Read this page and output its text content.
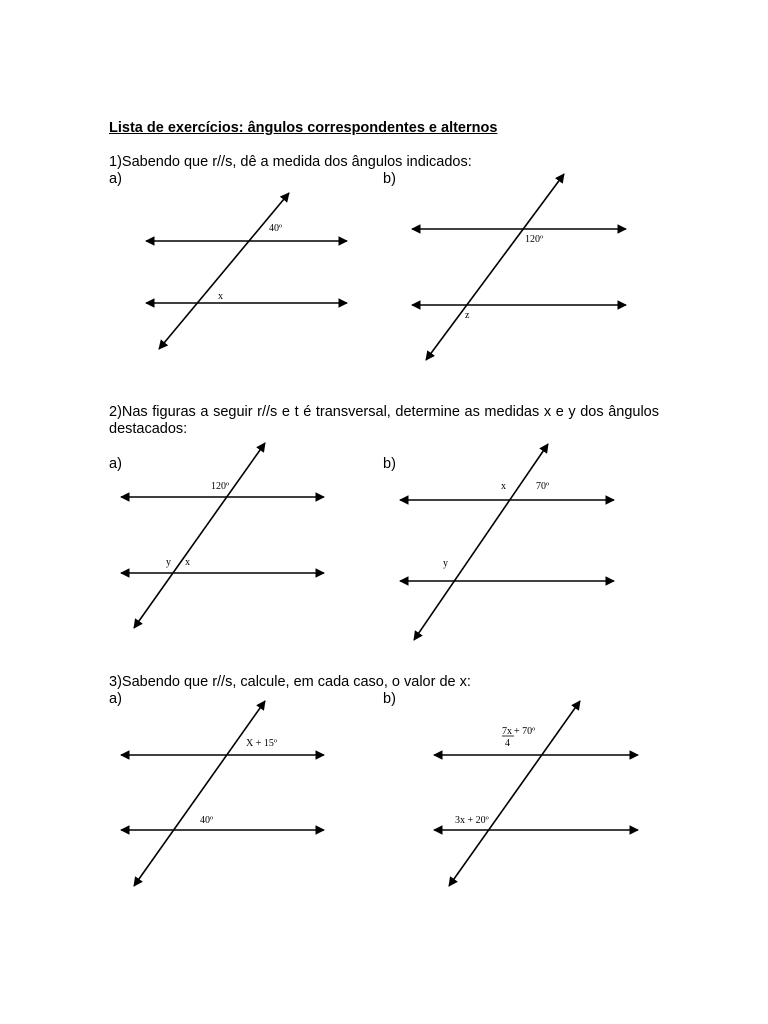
Lista de exercícios: ângulos correspondentes e alternos
1)Sabendo que r//s, dê a medida dos ângulos indicados:
a)	b)
2)Nas figuras a seguir r//s e t é transversal, determine as medidas x e y dos ângulos destacados:
a)	b)
3)Sabendo que r//s, calcule, em cada caso, o valor de x:
a)	b)
40º
x
120º
z
120º
y x
x	70º
y
X + 15º
40º
7x + 70º
4
3x + 20º
